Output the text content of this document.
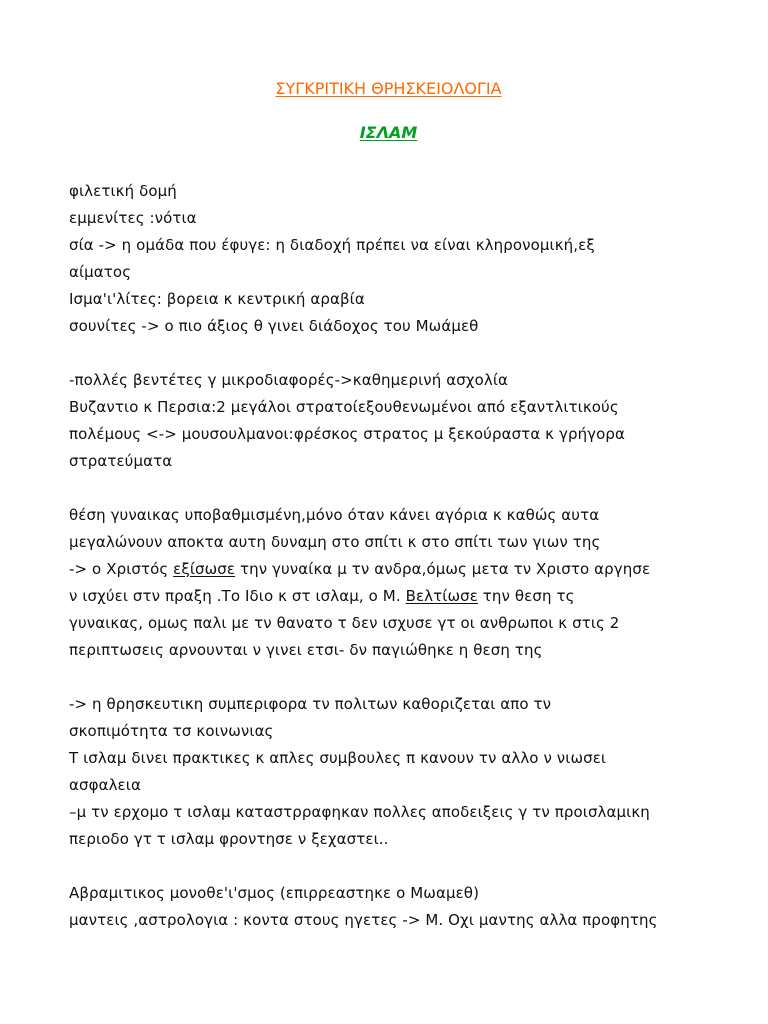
ΣΥΓΚΡΙΤΙΚΗ ΘΡΗΣΚΕΙΟΛΟΓΙΑ
ΙΣΛΑΜ
φιλετική δομή
εμμενίτες :νότια
σία -> η ομάδα που έφυγε: η διαδοχή πρέπει να είναι κληρονομική,εξ
αίματος
Ισμα'ι'λίτες: βορεια κ κεντρική αραβία
σουνίτες -> ο πιο άξιος θ γινει διάδοχος του Μωάμεθ
-πολλές βεντέτες γ μικροδιαφορές->καθημερινή ασχολία
Βυζαντιο κ Περσια:2 μεγάλοι στρατοίεξουθενωμένοι από εξαντλιτικούς
πολέμους <-> μουσουλμανοι:φρέσκος στρατος μ ξεκούραστα κ γρήγορα
στρατεύματα
θέση γυναικας υποβαθμισμένη,μόνο όταν κάνει αγόρια κ καθώς αυτα
μεγαλώνουν αποκτα αυτη δυναμη στο σπίτι κ στο σπίτι των γιων της
-> ο Χριστός εξίσωσε την γυναίκα μ τν ανδρα,όμως μετα τν Χριστο αργησε
ν ισχύει στν πραξη .Το Ιδιο κ στ ισλαμ, ο Μ. Βελτίωσε την θεση τς
γυναικας, ομως παλι με τν θανατο τ δεν ισχυσε γτ οι ανθρωποι κ στις 2
περιπτωσεις αρνουνται ν γινει ετσι- δν παγιώθηκε η θεση της
-> η θρησκευτικη συμπεριφορα τν πολιτων καθοριζεται απο τν
σκοπιμότητα τσ κοινωνιας
Τ ισλαμ δινει πρακτικες κ απλες συμβουλες π κανουν τν αλλο ν νιωσει
ασφαλεια
–μ τν ερχομο τ ισλαμ καταστρραφηκαν πολλες αποδειξεις γ τν προισλαμικη
περιοδο γτ τ ισλαμ φροντησε ν ξεχαστει..
Αβραμιτικος μονοθε'ι'σμος (επιρρεαστηκε ο Μωαμεθ)
μαντεις ,αστρολογια : κοντα στους ηγετες -> Μ. Οχι μαντης αλλα προφητης
